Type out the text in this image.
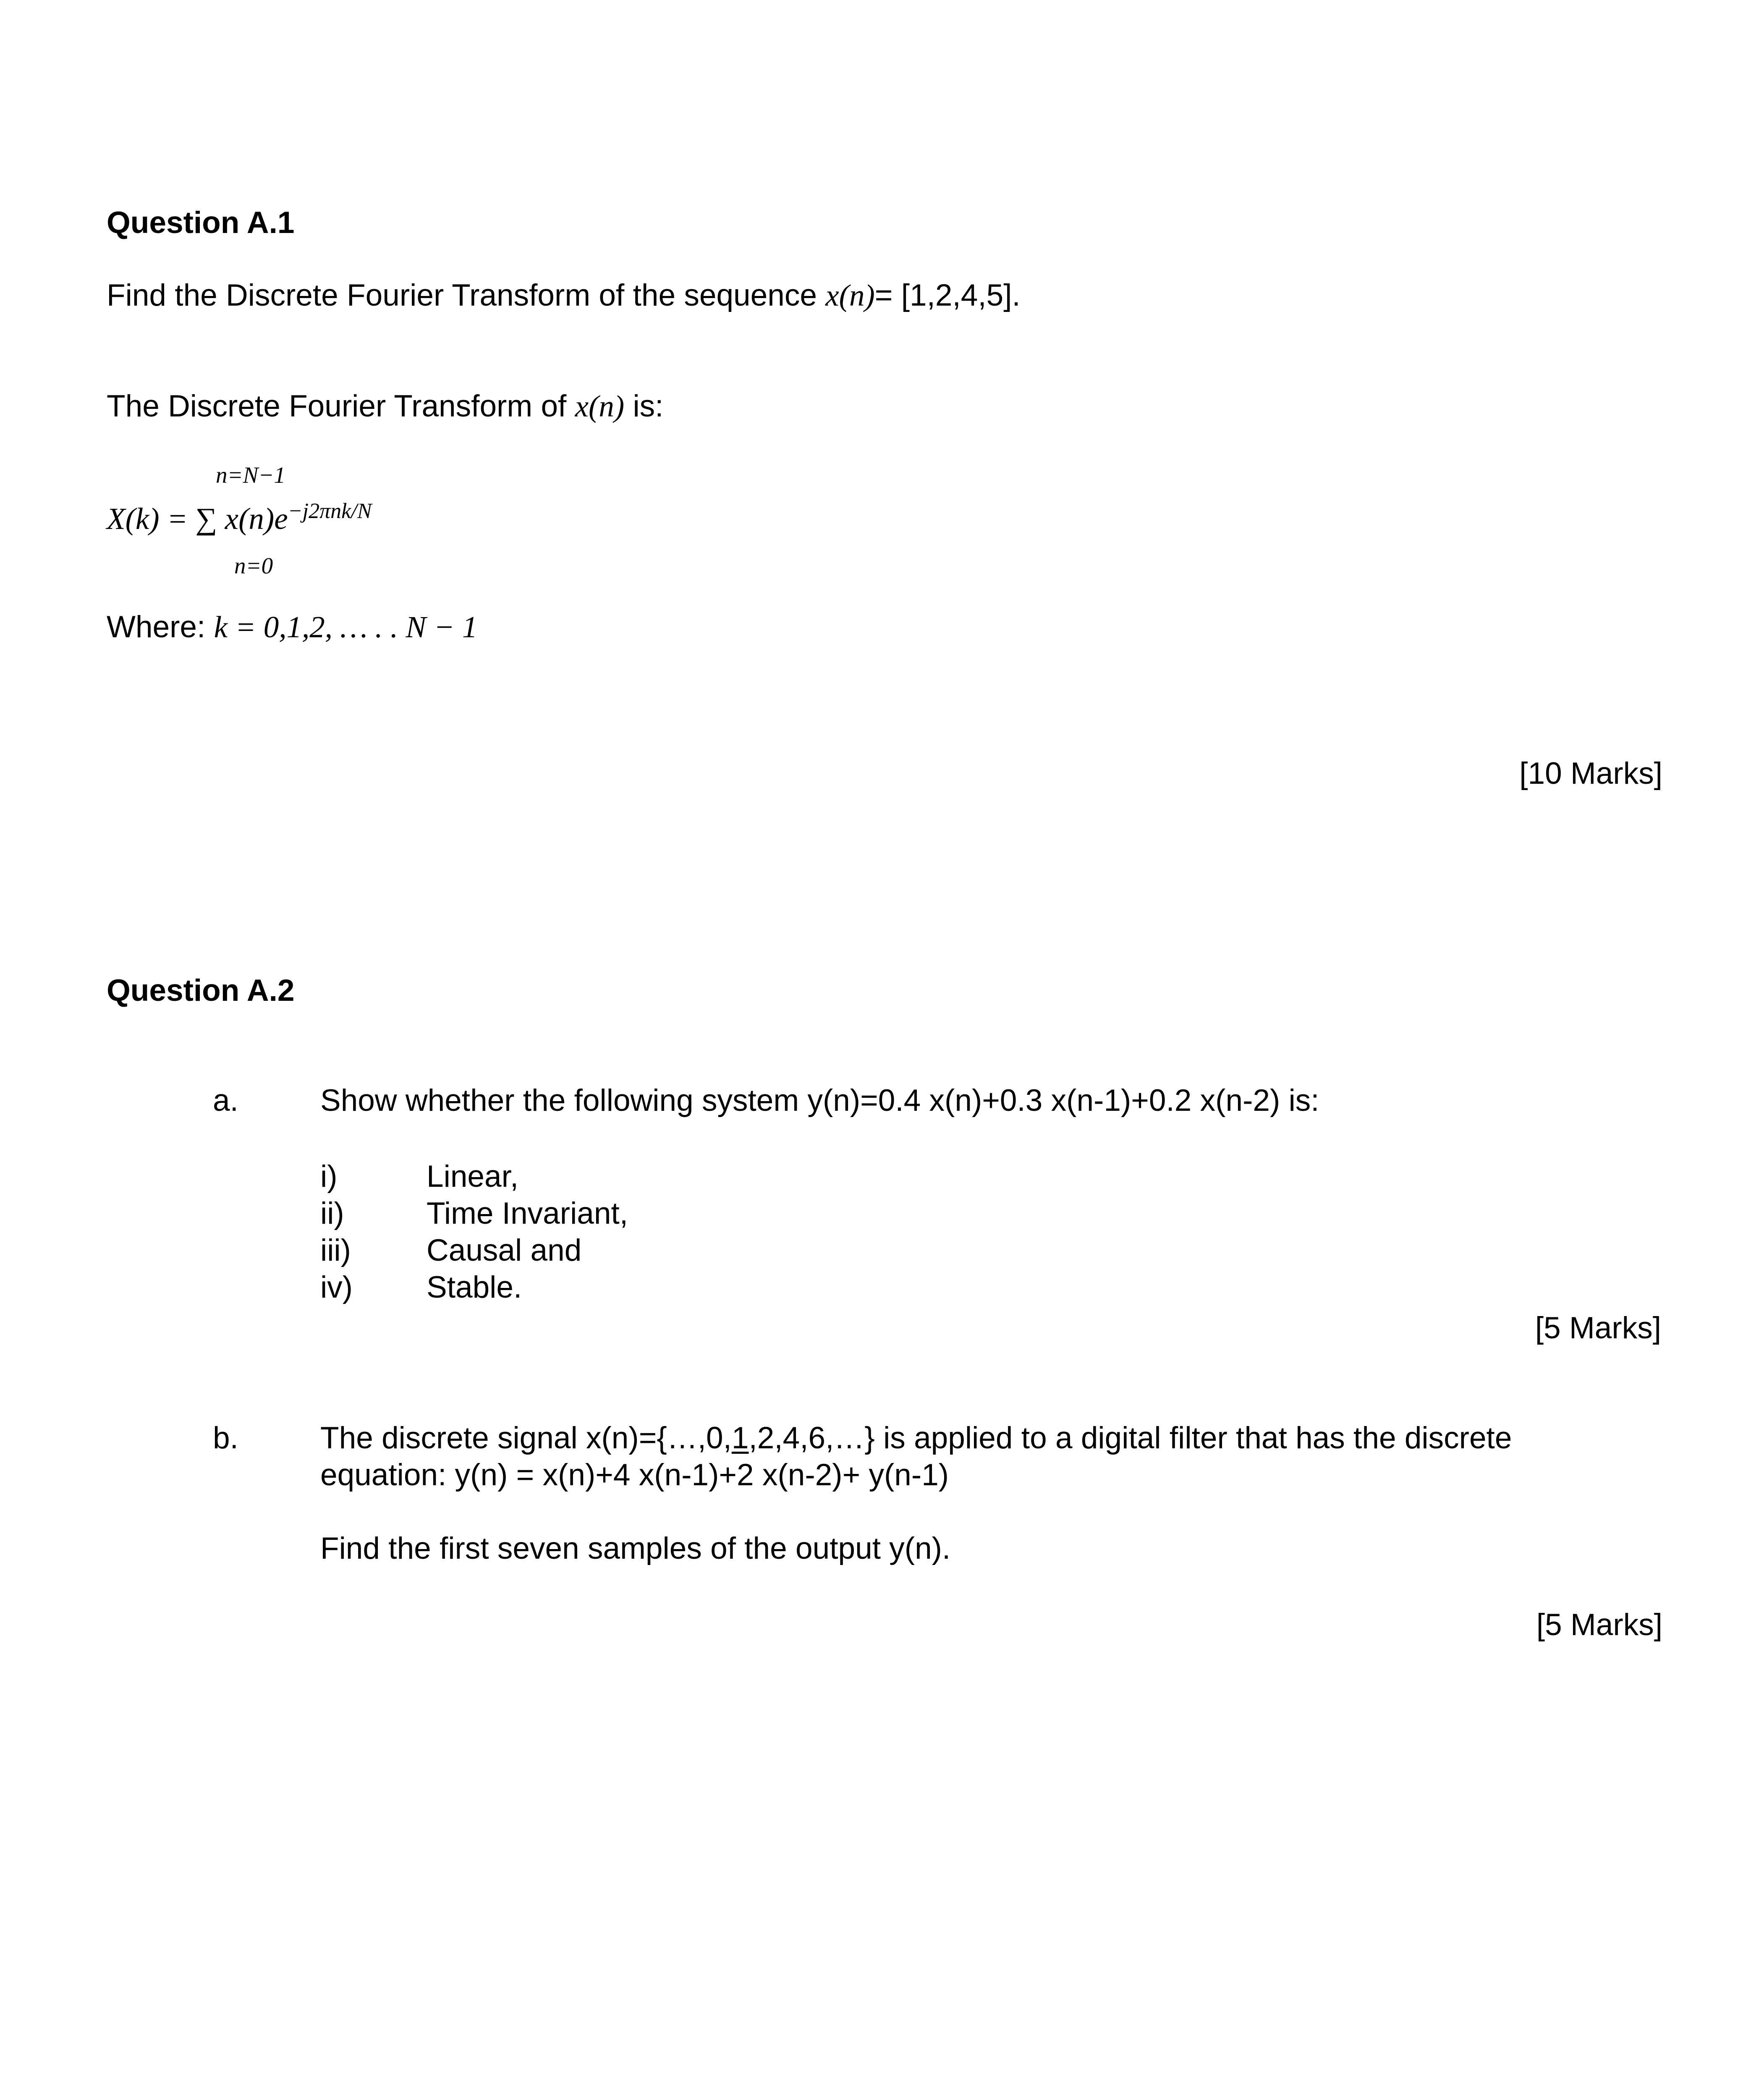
Question A.1
Find the Discrete Fourier Transform of the sequence x(n)= [1,2,4,5].
The Discrete Fourier Transform of x(n) is:
n=N−1
X(k) = ∑ $x(n)e^{-j2\pi nk/N}$
n=0
Where: k = 0,1,2, … . . N − 1
[10 Marks]
Question A.2
a.	Show whether the following system y(n)=0.4 x(n)+0.3 x(n-1)+0.2 x(n-2) is:
i)	Linear,
ii)	Time Invariant,
iii) Causal and
iv) Stable.
[5 Marks]
b.	The discrete signal x(n)={…,0,1,2,4,6,…} is applied to a digital filter that has the discrete
equation: y(n) = x(n)+4 x(n-1)+2 x(n-2)+ y(n-1)
Find the first seven samples of the output y(n).
[5 Marks]
